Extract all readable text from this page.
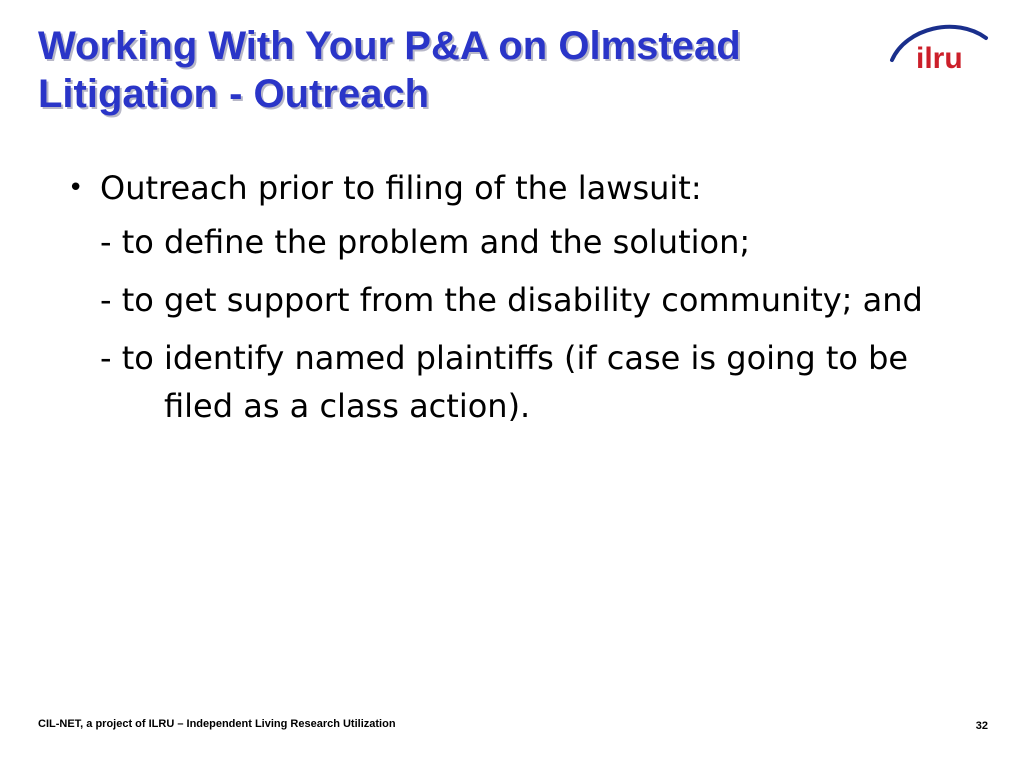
Working With Your P&A on Olmstead
Litigation - Outreach
ilru
• Outreach prior to filing of the lawsuit:
- to define the problem and the solution;
- to get support from the disability community; and
- to identify named plaintiffs (if case is going to be filed as a class action).
CIL-NET, a project of ILRU – Independent Living Research Utilization	32
